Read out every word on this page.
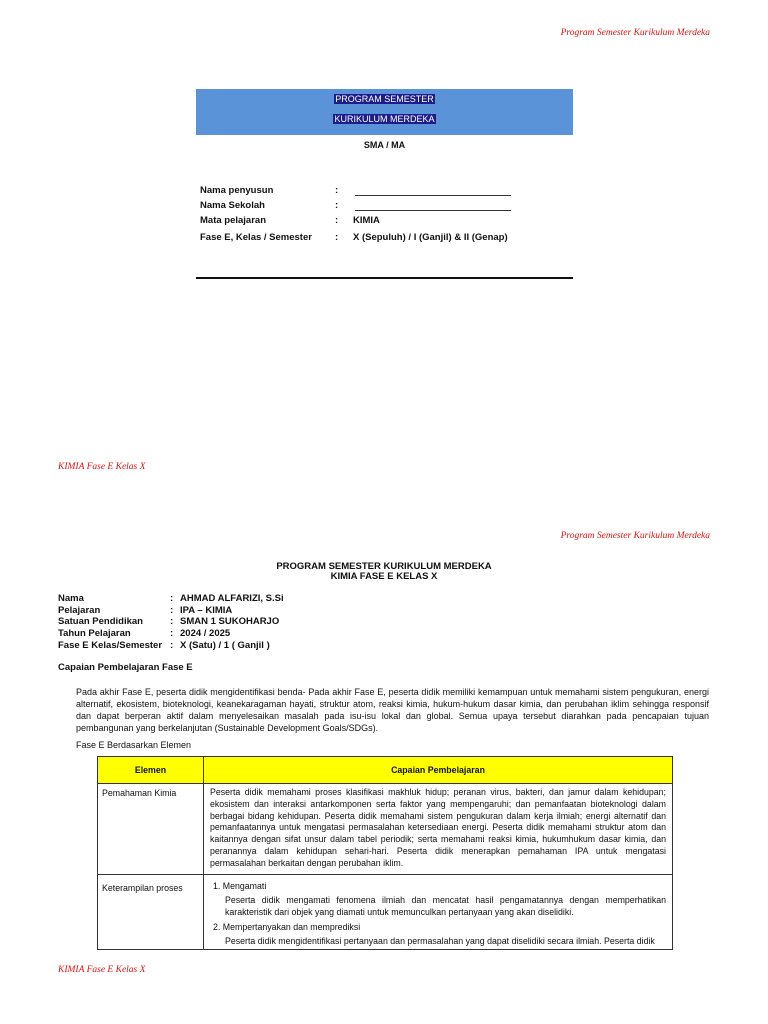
Program Semester Kurikulum Merdeka
PROGRAM SEMESTER
KURIKULUM MERDEKA
SMA / MA
Nama penyusun	:
Nama Sekolah	:
Mata pelajaran	: KIMIA
Fase E, Kelas / Semester : X (Sepuluh) / I (Ganjil) & II (Genap)
KIMIA Fase E Kelas X
Program Semester Kurikulum Merdeka
PROGRAM SEMESTER KURIKULUM MERDEKA
KIMIA FASE E KELAS X
Nama	: AHMAD ALFARIZI, S.Si
Pelajaran	: IPA – KIMIA
Satuan Pendidikan	: SMAN 1 SUKOHARJO
Tahun Pelajaran	: 2024 / 2025
Fase E Kelas/Semester : X (Satu) / 1 ( Ganjil )
Capaian Pembelajaran Fase E
Pada akhir Fase E, peserta didik mengidentifikasi benda- Pada akhir Fase E, peserta didik memiliki kemampuan untuk memahami sistem pengukuran, energi alternatif, ekosistem, bioteknologi, keanekaragaman hayati, struktur atom, reaksi kimia, hukum-hukum dasar kimia, dan perubahan iklim sehingga responsif dan dapat berperan aktif dalam menyelesaikan masalah pada isu-isu lokal dan global. Semua upaya tersebut diarahkan pada pencapaian tujuan pembangunan yang berkelanjutan (Sustainable Development Goals/SDGs).
Fase E Berdasarkan Elemen
Elemen	Capaian Pembelajaran
Pemahaman Kimia	Peserta didik memahami proses klasifikasi makhluk hidup; peranan virus, bakteri, dan jamur dalam kehidupan; ekosistem dan interaksi antarkomponen serta faktor yang mempengaruhi; dan pemanfaatan bioteknologi dalam berbagai bidang kehidupan. Peserta didik memahami sistem pengukuran dalam kerja ilmiah; energi alternatif dan pemanfaatannya untuk mengatasi permasalahan ketersediaan energi. Peserta didik memahami struktur atom dan kaitannya dengan sifat unsur dalam tabel periodik; serta memahami reaksi kimia, hukumhukum dasar kimia, dan peranannya dalam kehidupan sehari-hari. Peserta didik menerapkan pemahaman IPA untuk mengatasi permasalahan berkaitan dengan perubahan iklim.
Keterampilan proses	1. Mengamati

Peserta didik mengamati fenomena ilmiah dan mencatat hasil pengamatannya dengan memperhatikan karakteristik dari objek yang diamati untuk memunculkan pertanyaan yang akan diselidiki.

2. Mempertanyakan dan memprediksi

Peserta didik mengidentifikasi pertanyaan dan permasalahan yang dapat diselidiki secara ilmiah. Peserta didik

KIMIA Fase E Kelas X
